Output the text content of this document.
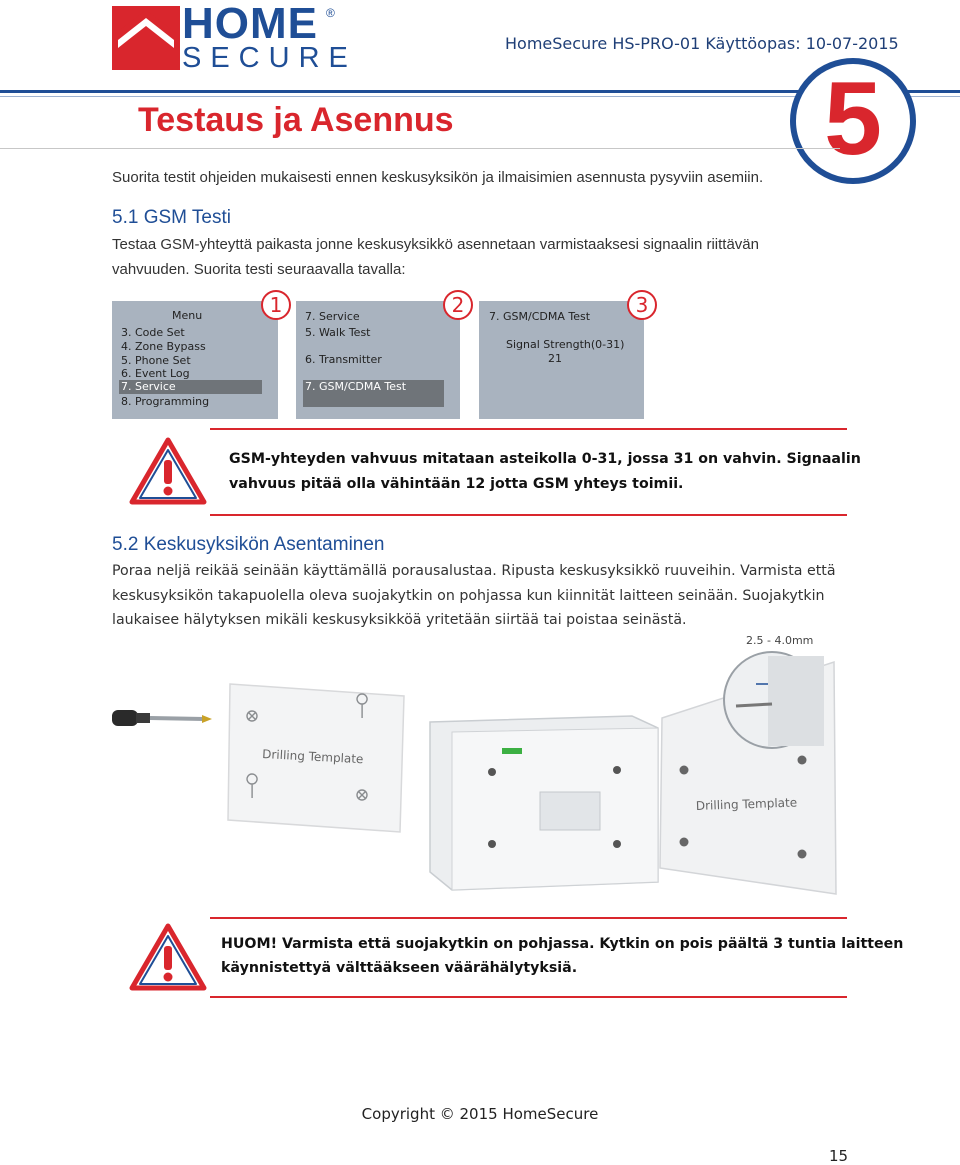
HOME ®
SECURE	HomeSecure HS-PRO-01 Käyttöopas: 10-07-2015
5
Testaus ja Asennus
Suorita testit ohjeiden mukaisesti ennen keskusyksikön ja ilmaisimien asennusta pysyviin asemiin.
5.1 GSM Testi
Testaa GSM-yhteyttä paikasta jonne keskusyksikkö asennetaan varmistaaksesi signaalin riittävän
vahvuuden. Suorita testi seuraavalla tavalla:
Menu
3. Code Set
4. Zone Bypass
5. Phone Set
6. Event Log
7. Service
8. Programming
1	7. Service
5. Walk Test
6. Transmitter
7. GSM/CDMA Test
2	7. GSM/CDMA Test
Signal Strength(0-31)
21
3
GSM-yhteyden vahvuus mitataan asteikolla 0-31, jossa 31 on vahvin. Signaalin
vahvuus pitää olla vähintään 12 jotta GSM yhteys toimii.
5.2 Keskusyksikön Asentaminen
Poraa neljä reikää seinään käyttämällä porausalustaa. Ripusta keskusyksikkö ruuveihin. Varmista että
keskusyksikön takapuolella oleva suojakytkin on pohjassa kun kiinnität laitteen seinään. Suojakytkin
laukaisee hälytyksen mikäli keskusyksikköä yritetään siirtää tai poistaa seinästä.
Drilling Template
Drilling Template
2.5 - 4.0mm
HUOM! Varmista että suojakytkin on pohjassa. Kytkin on pois päältä 3 tuntia laitteen
käynnistettyä välttääkseen väärähälytyksiä.
Copyright © 2015 HomeSecure
15
